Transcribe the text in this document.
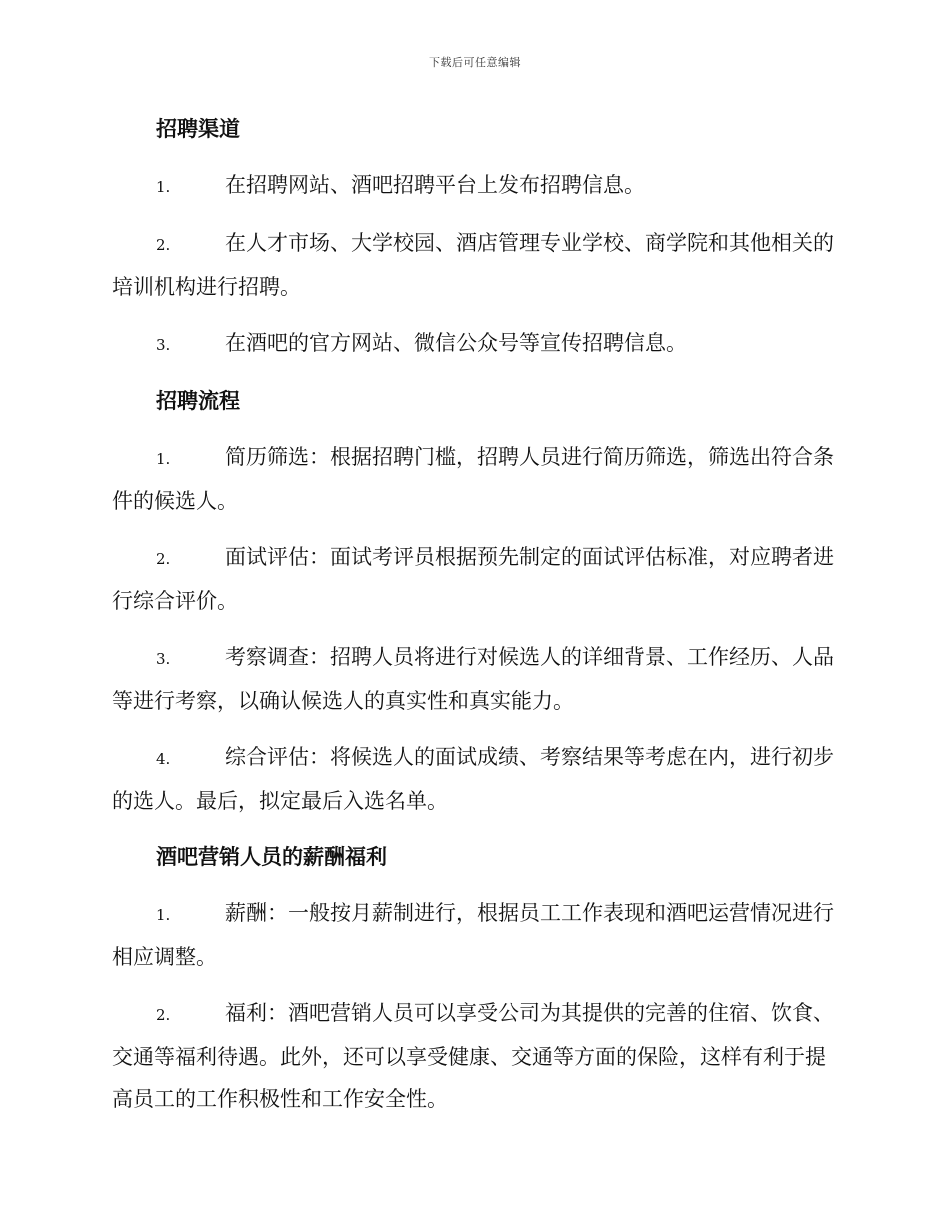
下载后可任意编辑
招聘渠道

1.	在招聘网站、酒吧招聘平台上发布招聘信息。

2.	在人才市场、大学校园、酒店管理专业学校、商学院和其他相关的培训机构进行招聘。

3.	在酒吧的官方网站、微信公众号等宣传招聘信息。

招聘流程

1.	简历筛选：根据招聘门槛，招聘人员进行简历筛选，筛选出符合条件的候选人。

2.	面试评估：面试考评员根据预先制定的面试评估标准，对应聘者进行综合评价。

3.	考察调查：招聘人员将进行对候选人的详细背景、工作经历、人品等进行考察，以确认候选人的真实性和真实能力。

4.	综合评估：将候选人的面试成绩、考察结果等考虑在内，进行初步的选人。最后，拟定最后入选名单。

酒吧营销人员的薪酬福利

1.	薪酬：一般按月薪制进行，根据员工工作表现和酒吧运营情况进行相应调整。

2.	福利：酒吧营销人员可以享受公司为其提供的完善的住宿、饮食、交通等福利待遇。此外，还可以享受健康、交通等方面的保险，这样有利于提高员工的工作积极性和工作安全性。
